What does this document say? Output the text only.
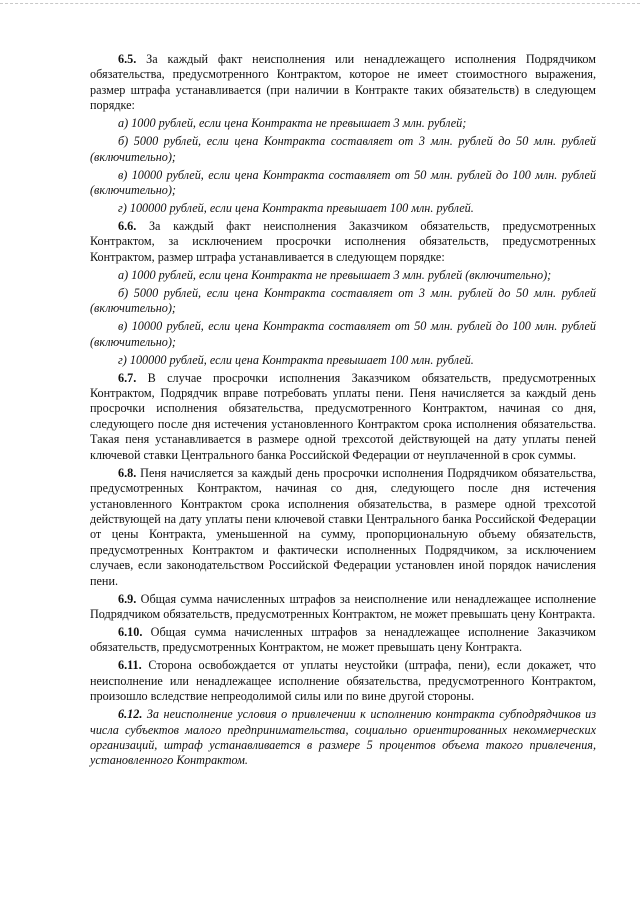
6.5. За каждый факт неисполнения или ненадлежащего исполнения Подрядчиком обязательства, предусмотренного Контрактом, которое не имеет стоимостного выражения, размер штрафа устанавливается (при наличии в Контракте таких обязательств) в следующем порядке:

а) 1000 рублей, если цена Контракта не превышает 3 млн. рублей;

б) 5000 рублей, если цена Контракта составляет от 3 млн. рублей до 50 млн. рублей (включительно);

в) 10000 рублей, если цена Контракта составляет от 50 млн. рублей до 100 млн. рублей (включительно);

г) 100000 рублей, если цена Контракта превышает 100 млн. рублей.

6.6. За каждый факт неисполнения Заказчиком обязательств, предусмотренных Контрактом, за исключением просрочки исполнения обязательств, предусмотренных Контрактом, размер штрафа устанавливается в следующем порядке:

а) 1000 рублей, если цена Контракта не превышает 3 млн. рублей (включительно);

б) 5000 рублей, если цена Контракта составляет от 3 млн. рублей до 50 млн. рублей (включительно);

в) 10000 рублей, если цена Контракта составляет от 50 млн. рублей до 100 млн. рублей (включительно);

г) 100000 рублей, если цена Контракта превышает 100 млн. рублей.

6.7. В случае просрочки исполнения Заказчиком обязательств, предусмотренных Контрактом, Подрядчик вправе потребовать уплаты пени. Пеня начисляется за каждый день просрочки исполнения обязательства, предусмотренного Контрактом, начиная со дня, следующего после дня истечения установленного Контрактом срока исполнения обязательства. Такая пеня устанавливается в размере одной трехсотой действующей на дату уплаты пеней ключевой ставки Центрального банка Российской Федерации от неуплаченной в срок суммы.

6.8. Пеня начисляется за каждый день просрочки исполнения Подрядчиком обязательства, предусмотренных Контрактом, начиная со дня, следующего после дня истечения установленного Контрактом срока исполнения обязательства, в размере одной трехсотой действующей на дату уплаты пени ключевой ставки Центрального банка Российской Федерации от цены Контракта, уменьшенной на сумму, пропорциональную объему обязательств, предусмотренных Контрактом и фактически исполненных Подрядчиком, за исключением случаев, если законодательством Российской Федерации установлен иной порядок начисления пени.

6.9. Общая сумма начисленных штрафов за неисполнение или ненадлежащее исполнение Подрядчиком обязательств, предусмотренных Контрактом, не может превышать цену Контракта.

6.10. Общая сумма начисленных штрафов за ненадлежащее исполнение Заказчиком обязательств, предусмотренных Контрактом, не может превышать цену Контракта.

6.11. Сторона освобождается от уплаты неустойки (штрафа, пени), если докажет, что неисполнение или ненадлежащее исполнение обязательства, предусмотренного Контрактом, произошло вследствие непреодолимой силы или по вине другой стороны.

6.12. За неисполнение условия о привлечении к исполнению контракта субподрядчиков из числа субъектов малого предпринимательства, социально ориентированных некоммерческих организаций, штраф устанавливается в размере 5 процентов объема такого привлечения, установленного Контрактом.
